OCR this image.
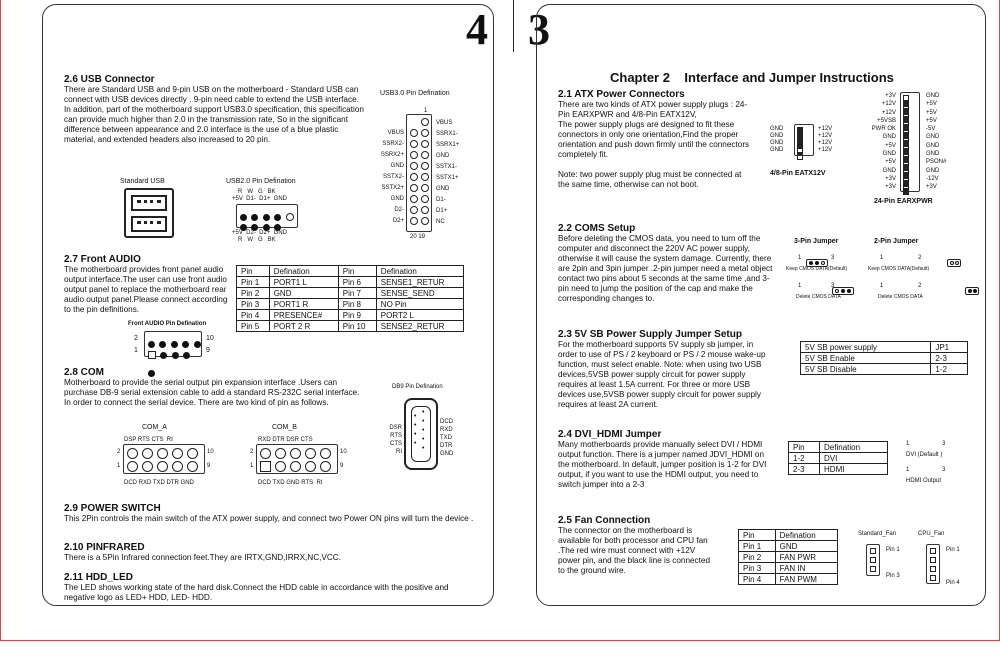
4 3
2.6 USB Connector
There are Standard USB and 9-pin USB on the motherboard - Standard USB can connect with USB devices directly . 9-pin need cable to extend the USB interface.
In addition, part of the motherboard support USB3.0 specification, this specification can provide much higher than 2.0 in the transmission rate, So in the significant difference between appearance and 2.0 interface is the use of a blue plastic material, and extended headers also increased to 20 pin.
USB3.0 Pin Defination
1
VBUS
SSRX2-
SSRX2+
GND
SSTX2-
SSTX2+
GND
D2-
D2+
VBUS
SSRX1-
SSRX1+
GND
SSTX1-
SSTX1+
GND
D1-
D1+
NC
20 19
Standard USB	USB2.0 Pin Defination
R   W   G   BK
+5V  D1-  D1+  GND

+5V  D2-  D2+  GND
R   W   G   BK
2.7 Front AUDIO
The motherboard provides front panel audio output interface.The user can use front audio output panel to replace the motherboard rear audio output panel.Please connect according to the pin definitions.
Front AUDIO Pin Defination
2
1

10
9
Pin	Defination	Pin	Defination
Pin 1	PORT1 L	Pin 6	SENSE1_RETUR
Pin 2	GND	Pin 7	SENSE_SEND
Pin 3	PORT1 R	Pin 8	NO Pin
Pin 4	PRESENCE#	Pin 9	PORT2 L
Pin 5	PORT 2 R	Pin 10	SENSE2_RETUR
2.8 COM
Motherboard to provide the serial output pin expansion interface .Users can purchase DB-9 serial extension cable to add a standard RS-232C serial interface. In order to connect the serial device. There are two kind of pin as follows.
DB9 Pin Defination
•
•
•
•
•
•
•
•
•
DSR
RTS
CTS
RI
DCD
RXD
TXD
DTR
GND
COM_A
DSP RTS CTS  RI
2
1
10
9
DCD RXD TXD DTR GND
COM_B
RXD DTR DSR CTS
2
1
10
9
DCD TXD GND RTS  RI
2.9 POWER SWITCH
This 2Pin controls the main switch of the ATX power supply, and connect two Power ON pins will turn the device .
2.10 PINFRARED
There is a 5Pin Infrared connection feet.They are IRTX,GND,IRRX,NC,VCC.
2.11 HDD_LED
The LED shows working state of the hard disk.Connect the HDD cable in accordance with the positive and negative logo as LED+ HDD, LED- HDD.
Chapter 2    Interface and Jumper Instructions
2.1 ATX Power Connectors
There are two kinds of ATX power supply plugs : 24-Pin EARXPWR and 4/8-Pin EATX12V,
The power supply plugs are designed to fit these connectors in only one orientation,Find the proper orientation and push down firmly until the connectors completely fit.
Note: two power supply plug must be connected at the same time, otherwise can not boot.
GND
GND
GND
GND

+12V
+12V
+12V
+12V
4/8-Pin EATX12V
+3V
+12V
+12V
+5VSB
PWR OK
GND
+5V
GND
+5V
GND
+3V
+3V
GND
+5V
+5V
+5V
-5V
GND
GND
GND
PSON#
GND
-12V
+3V
24-Pin EARXPWR
2.2 COMS Setup
Before deleting the CMOS data, you need to turn off the computer and disconnect the 220V AC power supply, otherwise it will cause the system damage. Currently, there are 2pin and 3pin jumper .2-pin jumper need a metal object contact two pins about 5 seconds at the same time ,and 3-pin need to jump the position of the cap and make the corresponding changes to.
3-Pin Jumper	2-Pin Jumper
1
	3
Keep CMOS DATA(Default)
1
	3
Delete CMOS DATA
1
	2
Keep CMOS DATA(Default)
1
	2
Delete CMOS DATA
2.3 5V SB Power Supply Jumper Setup
For the motherboard supports 5V supply sb jumper, in order to use of PS / 2 keyboard or PS / 2 mouse wake-up function, must select enable. Note: when using two USB devices,5VSB power supply circuit for power supply requires at least 1.5A current. For three or more USB devices use,5VSB power supply circuit for power supply requires at least 2A current.
5V SB power supply	JP1
5V SB Enable	2-3
5V SB Disable	1-2
2.4 DVI_HDMI Jumper
Many motherboards provide manually select DVI / HDMI output function. There is a jumper named JDVI_HDMI on the motherboard. In default, jumper position is 1-2 for DVI output, if you want to use the HDMI output, you need to switch jumper into a 2-3
Pin	Defination
1-2	DVI
2-3	HDMI
1
	3
DVI (Default )
1	3
HDMI Output
2.5 Fan Connection
The connector on the motherboard is available for both processor and CPU fan .The red wire must connect with +12V power pin, and the black line is connected to the ground wire.
Pin	Defination
Pin 1	GND
Pin 2	FAN PWR
Pin 3	FAN IN
Pin 4	FAN PWM
Standard_Fan
Pin 1
Pin 3
CPU_Fan
Pin 1
Pin 4
